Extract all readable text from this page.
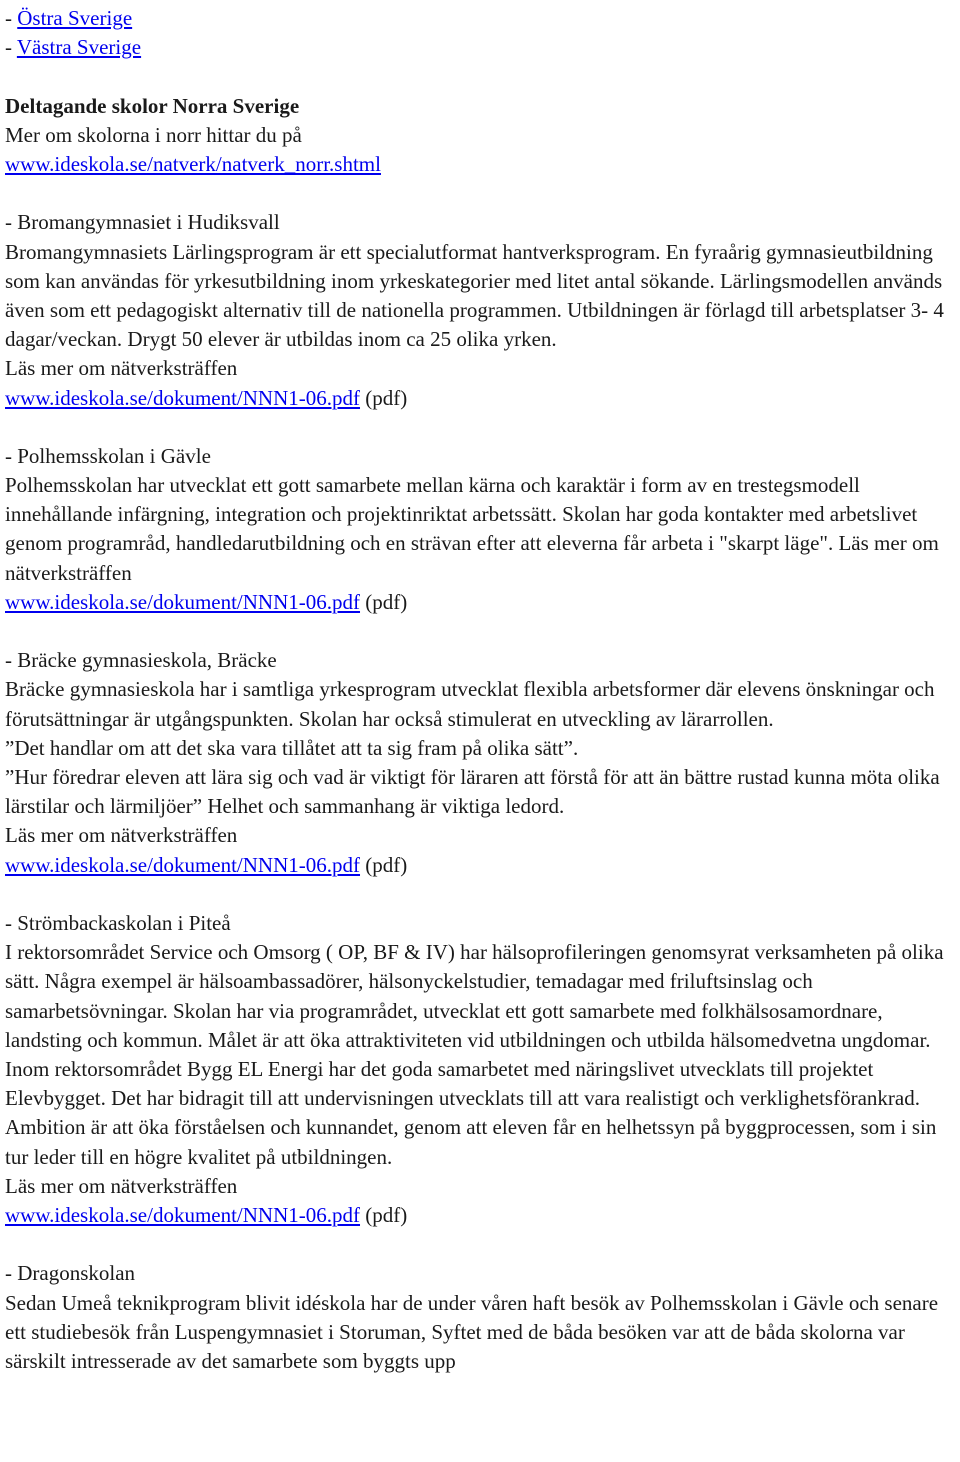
- Östra Sverige
- Västra Sverige
Deltagande skolor Norra Sverige
Mer om skolorna i norr hittar du på
www.ideskola.se/natverk/natverk_norr.shtml
- Bromangymnasiet i Hudiksvall
Bromangymnasiets Lärlingsprogram är ett specialutformat hantverksprogram. En fyraårig gymnasieutbildning som kan användas för yrkesutbildning inom yrkeskategorier med litet antal sökande. Lärlingsmodellen används även som ett pedagogiskt alternativ till de nationella programmen. Utbildningen är förlagd till arbetsplatser 3- 4 dagar/veckan. Drygt 50 elever är utbildas inom ca 25 olika yrken.
Läs mer om nätverksträffen
www.ideskola.se/dokument/NNN1-06.pdf (pdf)
- Polhemsskolan i Gävle
Polhemsskolan har utvecklat ett gott samarbete mellan kärna och karaktär i form av en trestegsmodell innehållande infärgning, integration och projektinriktat arbetssätt. Skolan har goda kontakter med arbetslivet genom programråd, handledarutbildning och en strävan efter att eleverna får arbeta i "skarpt läge". Läs mer om nätverksträffen
www.ideskola.se/dokument/NNN1-06.pdf (pdf)
- Bräcke gymnasieskola, Bräcke
Bräcke gymnasieskola har i samtliga yrkesprogram utvecklat flexibla arbetsformer där elevens önskningar och förutsättningar är utgångspunkten. Skolan har också stimulerat en utveckling av lärarrollen.
”Det handlar om att det ska vara tillåtet att ta sig fram på olika sätt”.
”Hur föredrar eleven att lära sig och vad är viktigt för läraren att förstå för att än bättre rustad kunna möta olika lärstilar och lärmiljöer” Helhet och sammanhang är viktiga ledord.
Läs mer om nätverksträffen
www.ideskola.se/dokument/NNN1-06.pdf (pdf)
- Strömbackaskolan i Piteå
I rektorsområdet Service och Omsorg ( OP, BF & IV) har hälsoprofileringen genomsyrat verksamheten på olika sätt. Några exempel är hälsoambassadörer, hälsonyckelstudier, temadagar med friluftsinslag och samarbetsövningar. Skolan har via programrådet, utvecklat ett gott samarbete med folkhälsosamordnare, landsting och kommun. Målet är att öka attraktiviteten vid utbildningen och utbilda hälsomedvetna ungdomar.
Inom rektorsområdet Bygg EL Energi har det goda samarbetet med näringslivet utvecklats till projektet Elevbygget. Det har bidragit till att undervisningen utvecklats till att vara realistigt och verklighetsförankrad. Ambition är att öka förståelsen och kunnandet, genom att eleven får en helhetssyn på byggprocessen, som i sin tur leder till en högre kvalitet på utbildningen.
Läs mer om nätverksträffen
www.ideskola.se/dokument/NNN1-06.pdf (pdf)
- Dragonskolan
Sedan Umeå teknikprogram blivit idéskola har de under våren haft besök av Polhemsskolan i Gävle och senare ett studiebesök från Luspengymnasiet i Storuman, Syftet med de båda besöken var att de båda skolorna var särskilt intresserade av det samarbete som byggts upp
